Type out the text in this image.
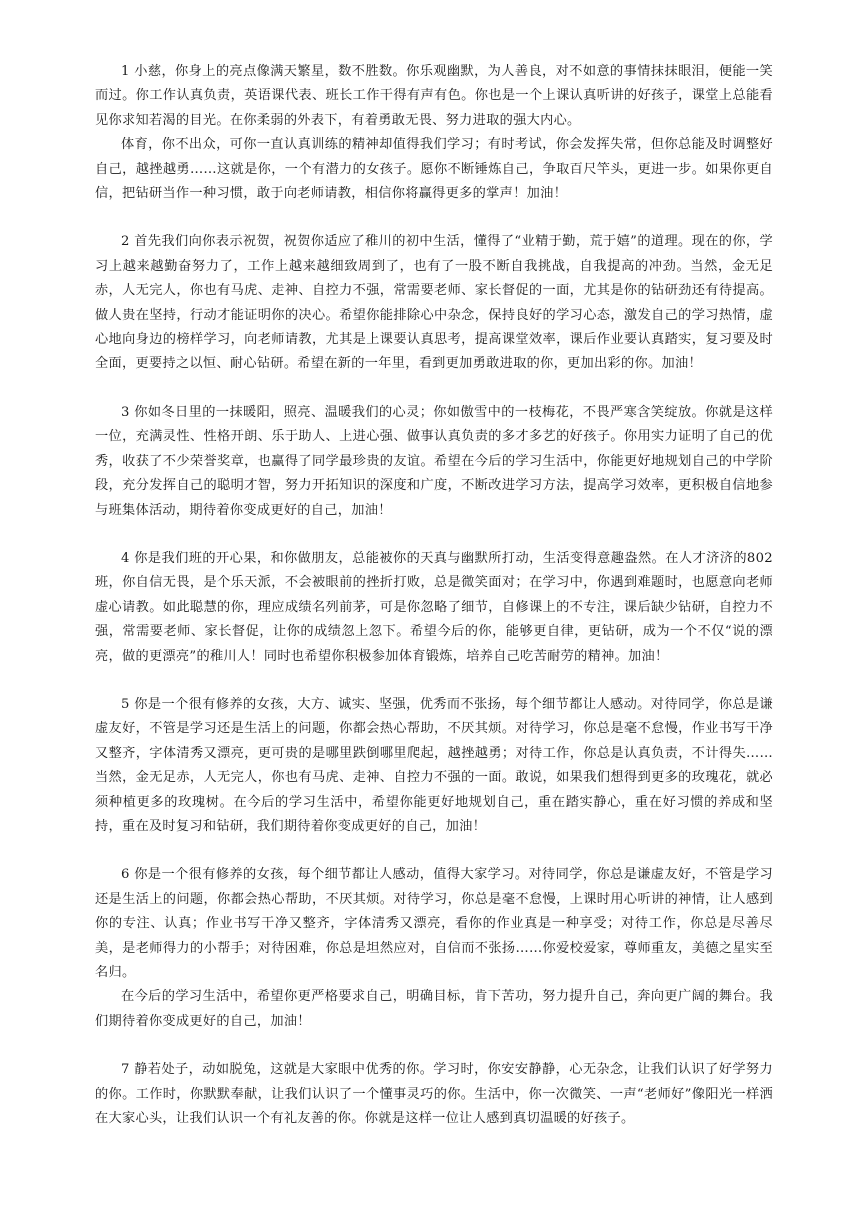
1 小慈，你身上的亮点像满天繁星，数不胜数。你乐观幽默，为人善良，对不如意的事情抹抹眼泪，便能一笑而过。你工作认真负责，英语课代表、班长工作干得有声有色。你也是一个上课认真听讲的好孩子，课堂上总能看见你求知若渴的目光。在你柔弱的外表下，有着勇敢无畏、努力进取的强大内心。

体育，你不出众，可你一直认真训练的精神却值得我们学习；有时考试，你会发挥失常，但你总能及时调整好自己，越挫越勇……这就是你，一个有潜力的女孩子。愿你不断锤炼自己，争取百尺竿头，更进一步。如果你更自信，把钻研当作一种习惯，敢于向老师请教，相信你将赢得更多的掌声！加油！

2 首先我们向你表示祝贺，祝贺你适应了稚川的初中生活，懂得了“业精于勤，荒于嬉”的道理。现在的你，学习上越来越勤奋努力了，工作上越来越细致周到了，也有了一股不断自我挑战，自我提高的冲劲。当然，金无足赤，人无完人，你也有马虎、走神、自控力不强，常需要老师、家长督促的一面，尤其是你的钻研劲还有待提高。做人贵在坚持，行动才能证明你的决心。希望你能排除心中杂念，保持良好的学习心态，激发自己的学习热情，虚心地向身边的榜样学习，向老师请教，尤其是上课要认真思考，提高课堂效率，课后作业要认真踏实，复习要及时全面，更要持之以恒、耐心钻研。希望在新的一年里，看到更加勇敢进取的你，更加出彩的你。加油！

3 你如冬日里的一抹暖阳，照亮、温暖我们的心灵；你如傲雪中的一枝梅花，不畏严寒含笑绽放。你就是这样一位，充满灵性、性格开朗、乐于助人、上进心强、做事认真负责的多才多艺的好孩子。你用实力证明了自己的优秀，收获了不少荣誉奖章，也赢得了同学最珍贵的友谊。希望在今后的学习生活中，你能更好地规划自己的中学阶段，充分发挥自己的聪明才智，努力开拓知识的深度和广度，不断改进学习方法，提高学习效率，更积极自信地参与班集体活动，期待着你变成更好的自己，加油！

4 你是我们班的开心果，和你做朋友，总能被你的天真与幽默所打动，生活变得意趣盎然。在人才济济的802 班，你自信无畏，是个乐天派，不会被眼前的挫折打败，总是微笑面对；在学习中，你遇到难题时，也愿意向老师虚心请教。如此聪慧的你，理应成绩名列前茅，可是你忽略了细节，自修课上的不专注，课后缺少钻研，自控力不强，常需要老师、家长督促，让你的成绩忽上忽下。希望今后的你，能够更自律，更钻研，成为一个不仅“说的漂亮，做的更漂亮”的稚川人！同时也希望你积极参加体育锻炼，培养自己吃苦耐劳的精神。加油！

5 你是一个很有修养的女孩，大方、诚实、坚强，优秀而不张扬，每个细节都让人感动。对待同学，你总是谦虚友好，不管是学习还是生活上的问题，你都会热心帮助，不厌其烦。对待学习，你总是毫不怠慢，作业书写干净又整齐，字体清秀又漂亮，更可贵的是哪里跌倒哪里爬起，越挫越勇；对待工作，你总是认真负责，不计得失……当然，金无足赤，人无完人，你也有马虎、走神、自控力不强的一面。敢说，如果我们想得到更多的玫瑰花，就必须种植更多的玫瑰树。在今后的学习生活中，希望你能更好地规划自己，重在踏实静心，重在好习惯的养成和坚持，重在及时复习和钻研，我们期待着你变成更好的自己，加油！

6 你是一个很有修养的女孩，每个细节都让人感动，值得大家学习。对待同学，你总是谦虚友好，不管是学习还是生活上的问题，你都会热心帮助，不厌其烦。对待学习，你总是毫不怠慢，上课时用心听讲的神情，让人感到你的专注、认真；作业书写干净又整齐，字体清秀又漂亮，看你的作业真是一种享受；对待工作，你总是尽善尽美，是老师得力的小帮手；对待困难，你总是坦然应对，自信而不张扬……你爱校爱家，尊师重友，美德之星实至名归。

在今后的学习生活中，希望你更严格要求自己，明确目标，肯下苦功，努力提升自己，奔向更广阔的舞台。我们期待着你变成更好的自己，加油！

7 静若处子，动如脱兔，这就是大家眼中优秀的你。学习时，你安安静静，心无杂念，让我们认识了好学努力的你。工作时，你默默奉献，让我们认识了一个懂事灵巧的你。生活中，你一次微笑、一声“老师好”像阳光一样洒在大家心头，让我们认识一个有礼友善的你。你就是这样一位让人感到真切温暖的好孩子。
